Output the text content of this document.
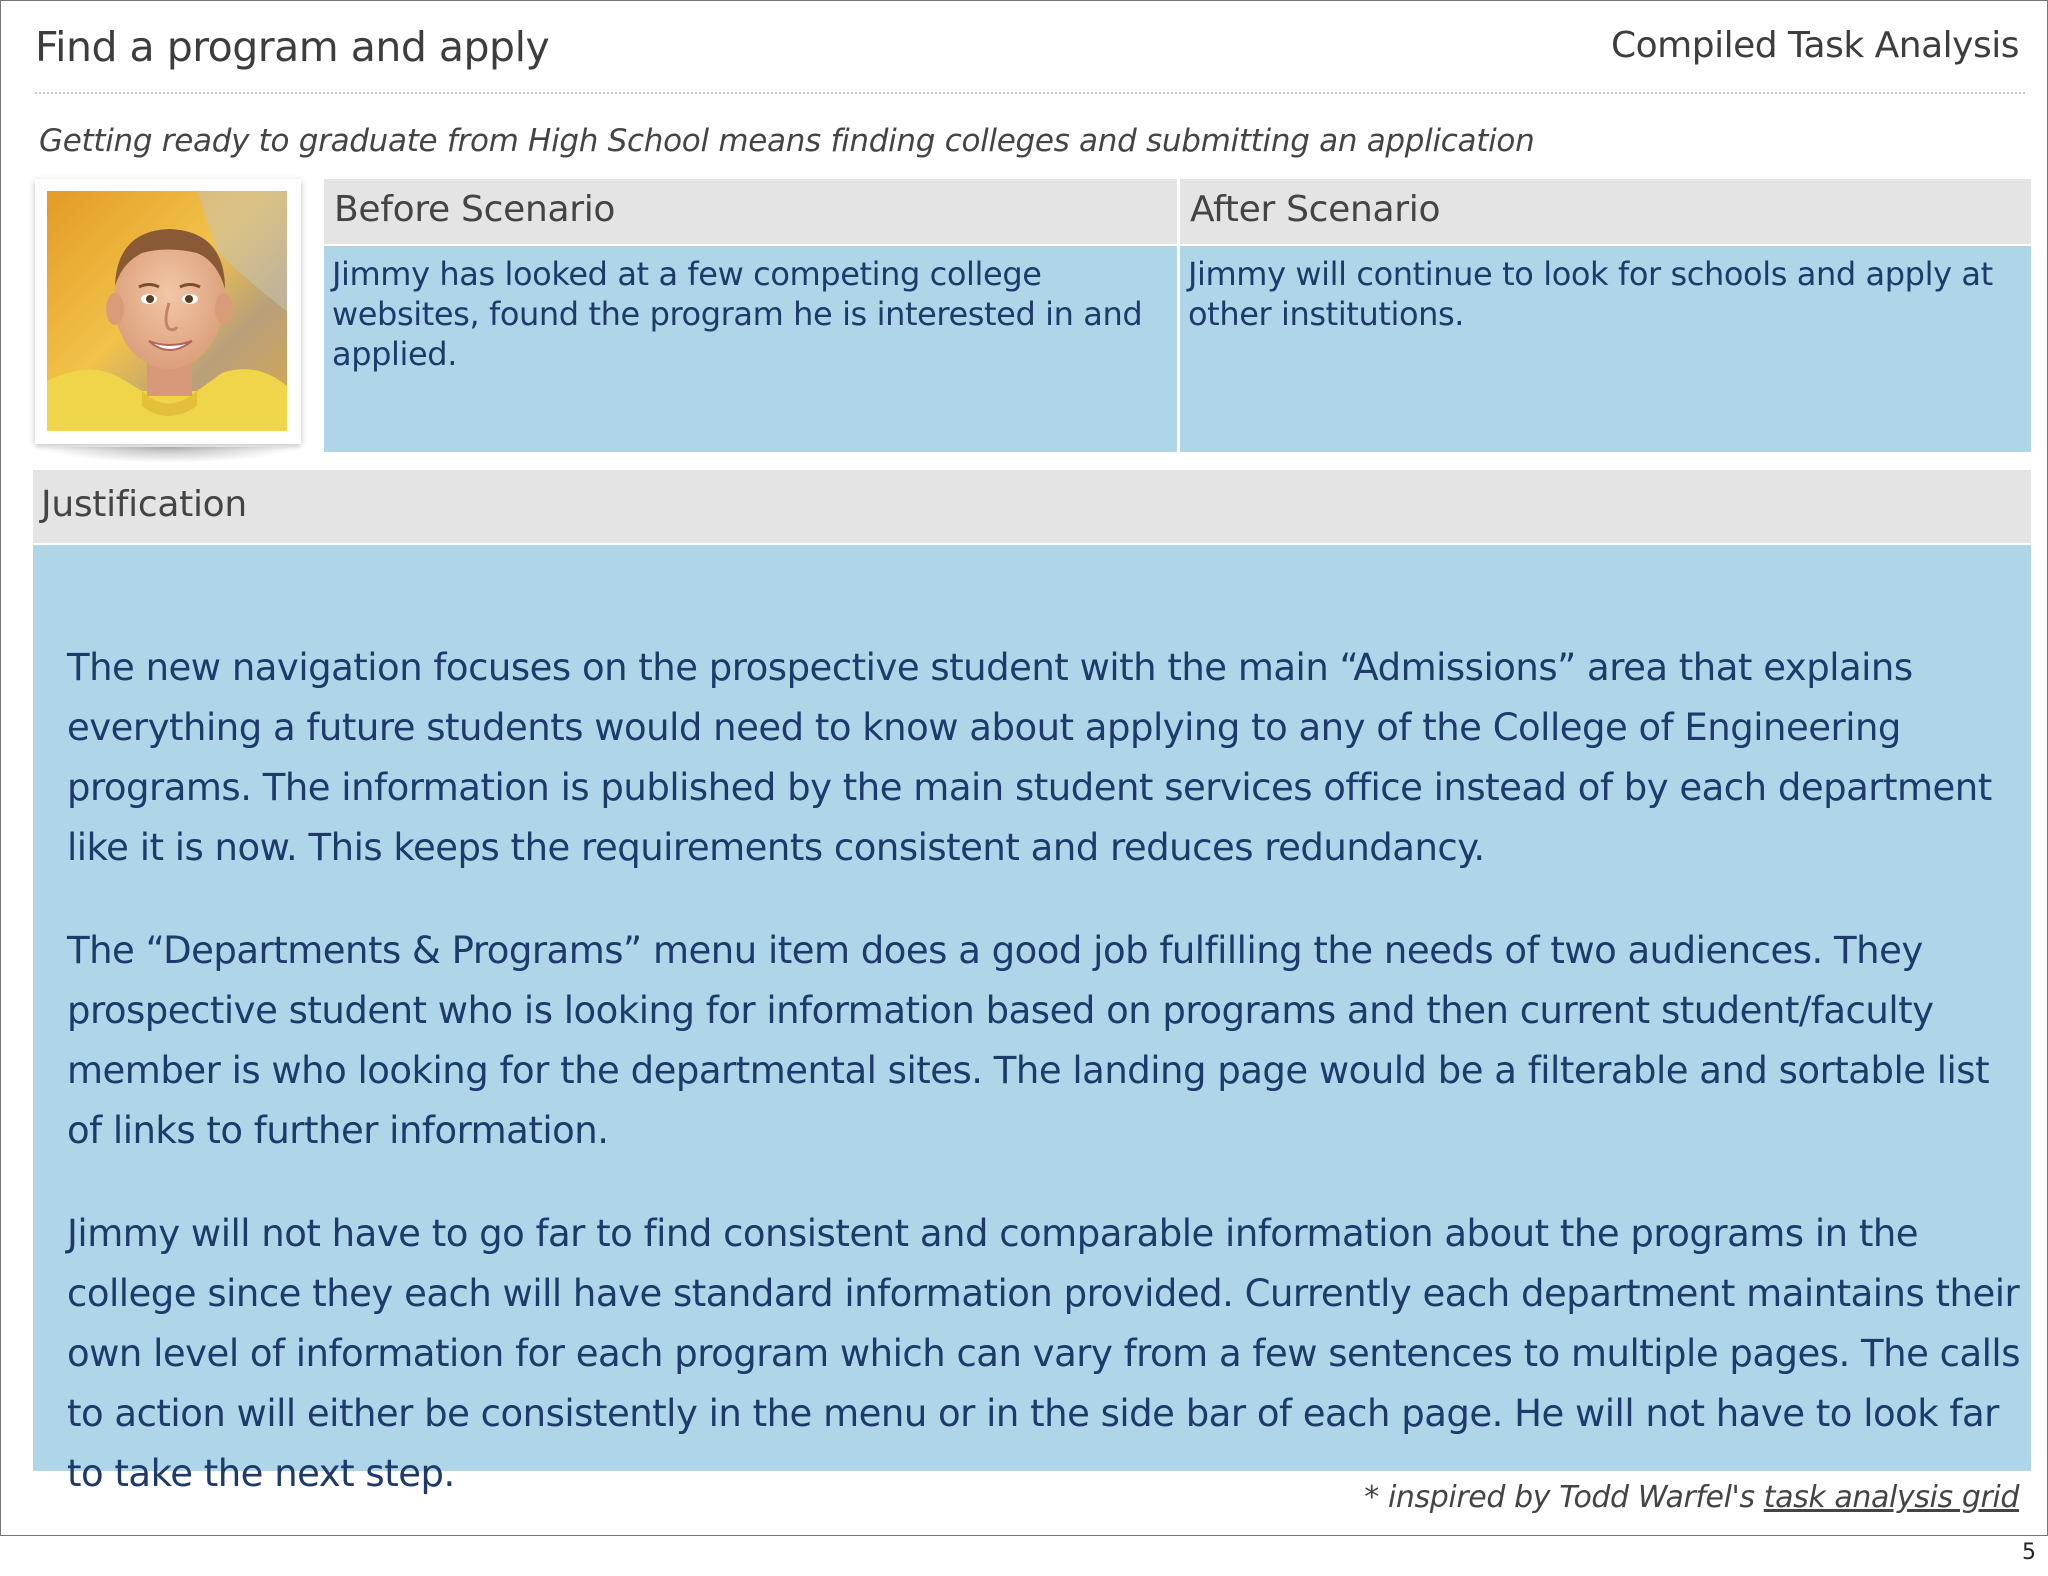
Find a program and apply	Compiled Task Analysis
Getting ready to graduate from High School means finding colleges and submitting an application
Before Scenario	After Scenario
Jimmy has looked at a few competing college websites, found the program he is interested in and applied.
Jimmy will continue to look for schools and apply at other institutions.
Justification

The new navigation focuses on the prospective student with the main “Admissions” area that explains everything a future students would need to know about applying to any of the College of Engineering programs. The information is published by the main student services office instead of by each department like it is now. This keeps the requirements consistent and reduces redundancy.

The “Departments & Programs” menu item does a good job fulfilling the needs of two audiences. They prospective student who is looking for information based on programs and then current student/faculty member is who looking for the departmental sites. The landing page would be a filterable and sortable list of links to further information.

Jimmy will not have to go far to find consistent and comparable information about the programs in the college since they each will have standard information provided. Currently each department maintains their own level of information for each program which can vary from a few sentences to multiple pages. The calls to action will either be consistently in the menu or in the side bar of each page. He will not have to look far to take the next step.

* inspired by Todd Warfel's task analysis grid
5
